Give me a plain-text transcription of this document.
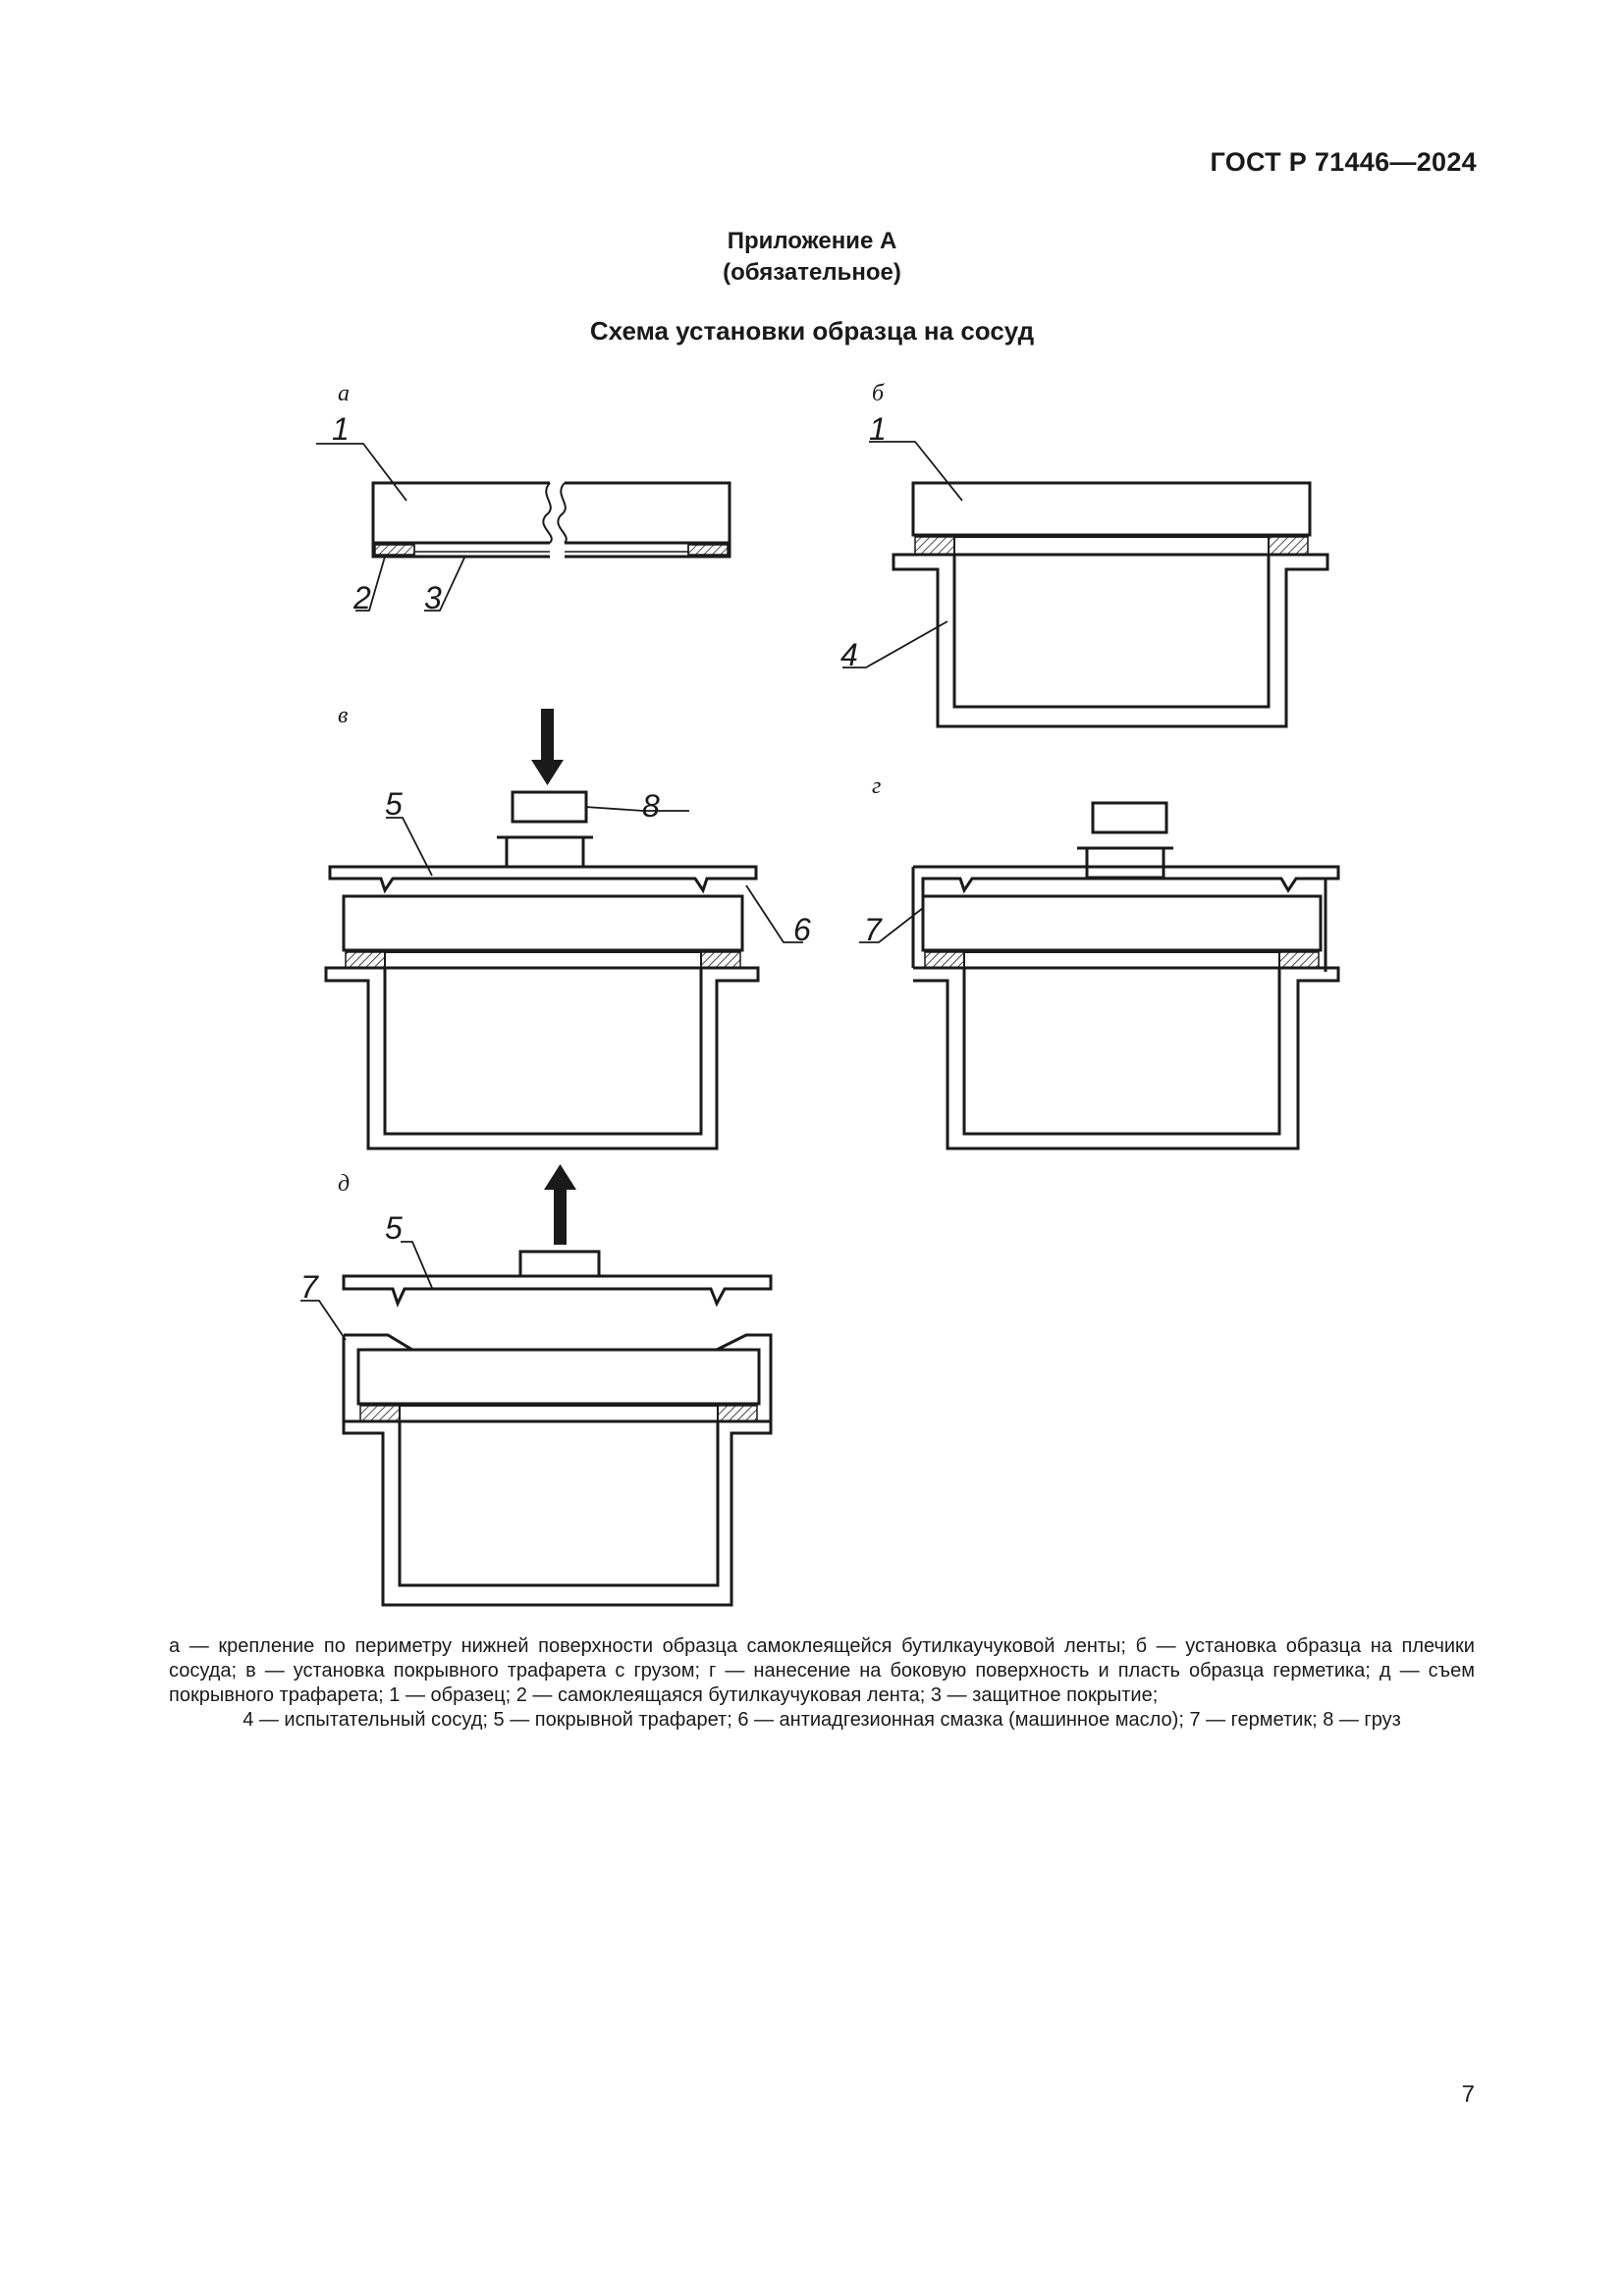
ГОСТ Р 71446—2024
Приложение А
(обязательное)
Схема установки образца на сосуд
а	б
в
г
д
1
2 3
1
4
5	8
6 7
5
7
а — крепление по периметру нижней поверхности образца самоклеящейся бутилкаучуковой ленты; б — установка образца на плечики сосуда; в — установка покрывного трафарета с грузом; г — нанесение на боковую поверхность и пласть образца герметика; д — съем покрывного трафарета; 1 — образец; 2 — самоклеящаяся бутилкаучуковая лента; 3 — защитное покрытие;
4 — испытательный сосуд; 5 — покрывной трафарет; 6 — антиадгезионная смазка (машинное масло); 7 — герметик; 8 — груз
7
